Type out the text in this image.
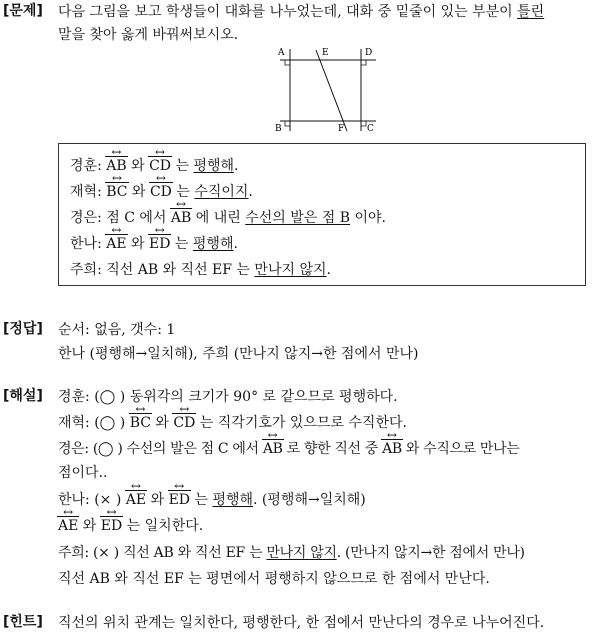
[문제] 다음 그림을 보고 학생들이 대화를 나누었는데, 대화 중 밑줄이 있는 부분이 틀린
말을 찾아 옳게 바꿔써보시오.
A	E	D
B	F	C
경훈: AB ↔ 와 CD ↔ 는 평행해.
재혁: BC ↔ 와 CD ↔ 는 수직이지.
경은: 점 C 에서 AB ↔ 에 내린 수선의 발은 점 B 이야.
한나: AE ↔ 와 ED ↔ 는 평행해.
주희: 직선 AB 와 직선 EF 는 만나지 않지.
[정답] 순서: 없음, 갯수: 1
한나 (평행해→일치해), 주희 (만나지 않지→한 점에서 만나)
[해설] 경훈: (◯ ) 동위각의 크기가 90° 로 같으므로 평행하다.
재혁: (◯ ) BC ↔ 와 CD ↔ 는 직각기호가 있으므로 수직한다.
경은: (◯ ) 수선의 발은 점 C 에서 AB ↔ 로 향한 직선 중 AB ↔ 와 수직으로 만나는
점이다..
한나: (× ) AE ↔ 와 ED ↔ 는 평행해. (평행해→일치해)
AE ↔ 와 ED ↔ 는 일치한다.
주희: (× ) 직선 AB 와 직선 EF 는 만나지 않지. (만나지 않지→한 점에서 만나)
직선 AB 와 직선 EF 는 평면에서 평행하지 않으므로 한 점에서 만난다.
[힌트] 직선의 위치 관계는 일치한다, 평행한다, 한 점에서 만난다의 경우로 나누어진다.
